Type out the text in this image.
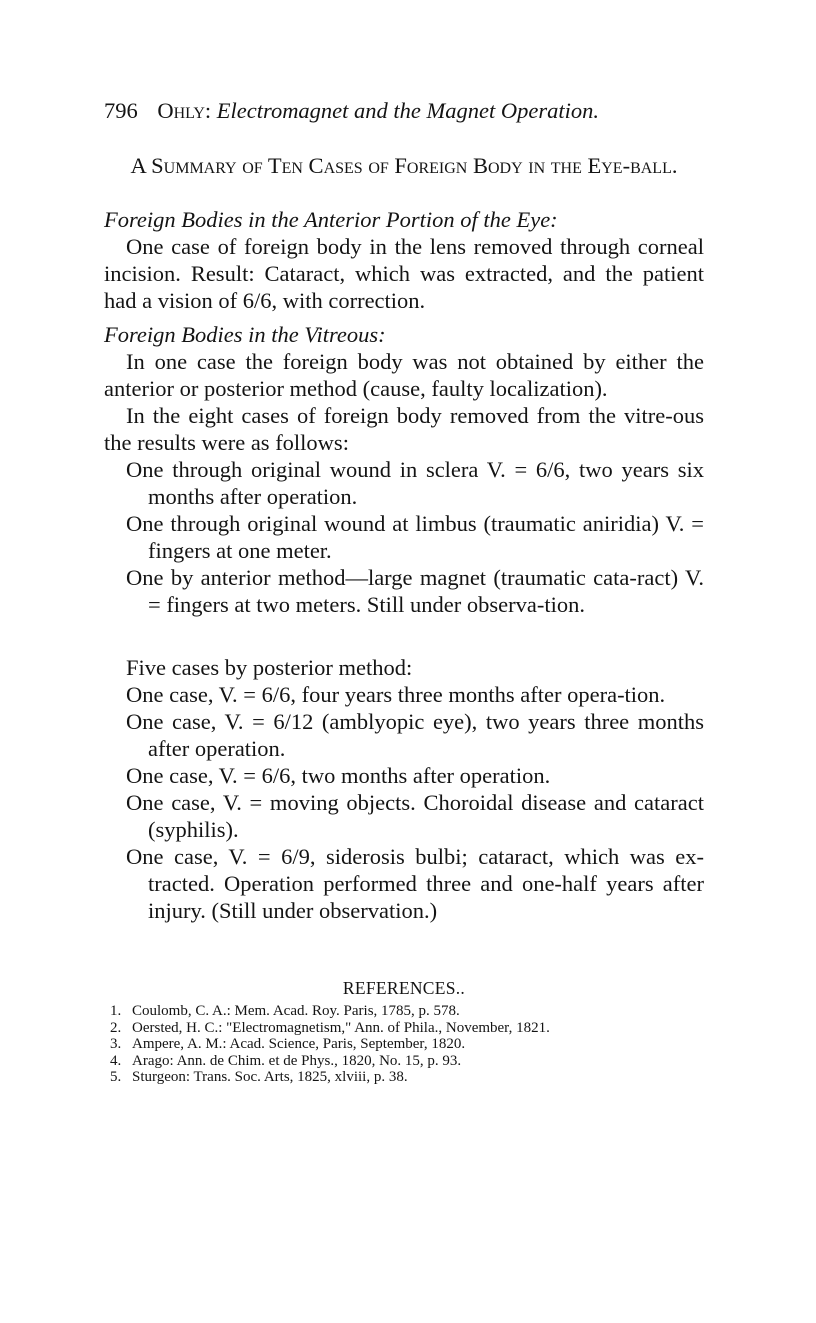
796 Ohly: Electromagnet and the Magnet Operation.
A Summary of Ten Cases of Foreign Body in the Eye-ball.
Foreign Bodies in the Anterior Portion of the Eye:
One case of foreign body in the lens removed through corneal incision. Result: Cataract, which was extracted, and the patient had a vision of 6/6, with correction.
Foreign Bodies in the Vitreous:
In one case the foreign body was not obtained by either the anterior or posterior method (cause, faulty localization).
In the eight cases of foreign body removed from the vitre-ous the results were as follows:
One through original wound in sclera V. = 6/6, two years six months after operation.
One through original wound at limbus (traumatic aniridia) V. = fingers at one meter.
One by anterior method—large magnet (traumatic cata-ract) V. = fingers at two meters. Still under observa-tion.
Five cases by posterior method:
One case, V. = 6/6, four years three months after opera-tion.
One case, V. = 6/12 (amblyopic eye), two years three months after operation.
One case, V. = 6/6, two months after operation.
One case, V. = moving objects. Choroidal disease and cataract (syphilis).
One case, V. = 6/9, siderosis bulbi; cataract, which was ex-tracted. Operation performed three and one-half years after injury. (Still under observation.)
REFERENCES..
1. Coulomb, C. A.: Mem. Acad. Roy. Paris, 1785, p. 578.
2. Oersted, H. C.: "Electromagnetism," Ann. of Phila., November, 1821.
3. Ampere, A. M.: Acad. Science, Paris, September, 1820.
4. Arago: Ann. de Chim. et de Phys., 1820, No. 15, p. 93.
5. Sturgeon: Trans. Soc. Arts, 1825, xlviii, p. 38.
